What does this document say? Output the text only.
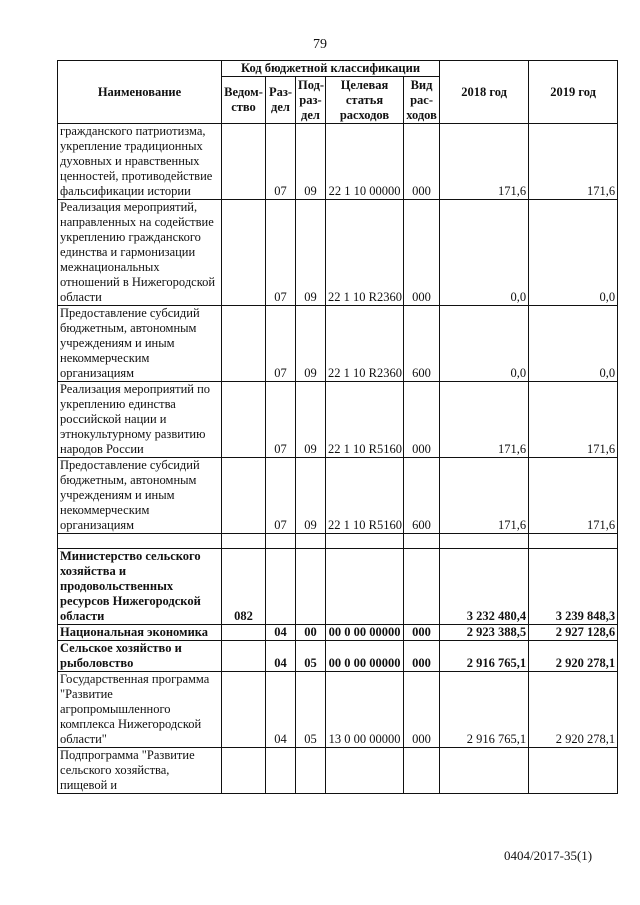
79
Наименование	Код бюджетной классификации					2018 год	2019 год
	Ведом-ство	Раз-дел	Под-раз-дел	Целевая статья расходов	Вид рас-ходов		
гражданского патриотизма, укрепление традиционных духовных и нравственных ценностей, противодействие фальсификации истории		07	09	22 1 10 00000	000	171,6	171,6
Реализация мероприятий, направленных на содействие укреплению гражданского единства и гармонизации межнациональных отношений в Нижегородской области		07	09	22 1 10 R2360	000	0,0	0,0
Предоставление субсидий бюджетным, автономным учреждениям и иным некоммерческим организациям		07	09	22 1 10 R2360	600	0,0	0,0
Реализация мероприятий по укреплению единства российской нации и этнокультурному развитию народов России		07	09	22 1 10 R5160	000	171,6	171,6
Предоставление субсидий бюджетным, автономным учреждениям и иным некоммерческим организациям		07	09	22 1 10 R5160	600	171,6	171,6

Министерство сельского хозяйства и продовольственных ресурсов Нижегородской области	082					3 232 480,4	3 239 848,3
Национальная экономика		04	00	00 0 00 00000	000	2 923 388,5	2 927 128,6
Сельское хозяйство и рыболовство		04	05	00 0 00 00000	000	2 916 765,1	2 920 278,1
Государственная программа "Развитие агропромышленного комплекса Нижегородской области"		04	05	13 0 00 00000	000	2 916 765,1	2 920 278,1
Подпрограмма "Развитие сельского хозяйства, пищевой и							
0404/2017-35(1)
